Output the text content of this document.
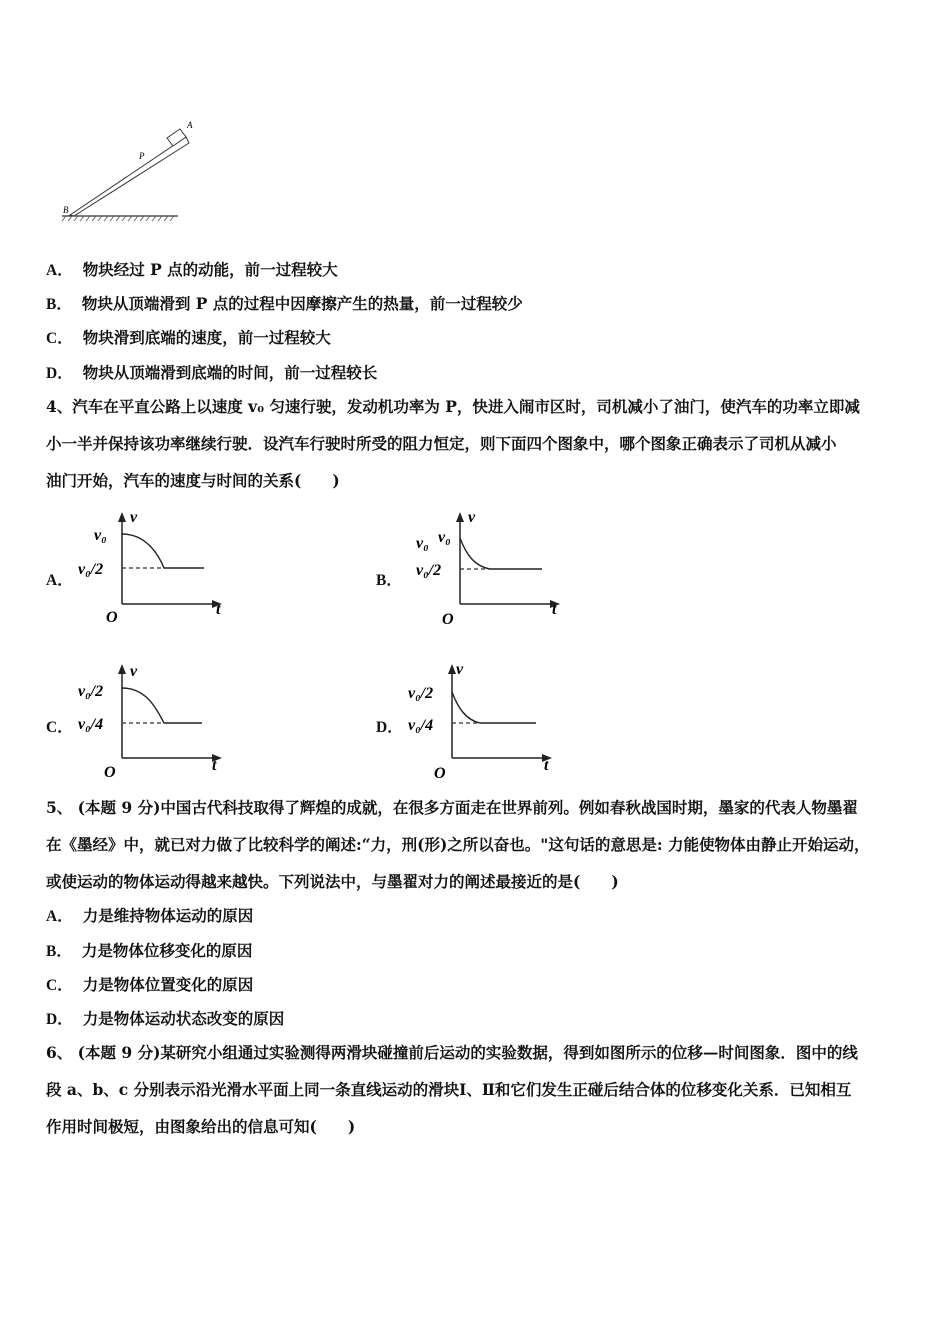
A
P
B
A． 物块经过 P 点的动能，前一过程较大
B． 物块从顶端滑到 P 点的过程中因摩擦产生的热量，前一过程较少
C． 物块滑到底端的速度，前一过程较大
D． 物块从顶端滑到底端的时间，前一过程较长
4、汽车在平直公路上以速度 v₀ 匀速行驶，发动机功率为 P，快进入闹市区时，司机减小了油门，使汽车的功率立即减
小一半并保持该功率继续行驶．设汽车行驶时所受的阻力恒定，则下面四个图象中，哪个图象正确表示了司机从减小
油门开始，汽车的速度与时间的关系(　　)
A．
v
v₀
v₀/2
O	t
B．
v
v₀
v₀
v₀/2
O
t
C．
v
v₀/2
v₀/4
O	t
D．
v
v₀/2
v₀/4
O	t
5、 (本题 9 分)中国古代科技取得了辉煌的成就，在很多方面走在世界前列。例如春秋战国时期，墨家的代表人物墨翟
在《墨经》中，就已对力做了比较科学的阐述:“力，刑(形)之所以奋也。"这句话的意思是: 力能使物体由静止开始运动，
或使运动的物体运动得越来越快。下列说法中，与墨翟对力的阐述最接近的是(　　)
A． 力是维持物体运动的原因
B． 力是物体位移变化的原因
C． 力是物体位置变化的原因
D． 力是物体运动状态改变的原因
6、 (本题 9 分)某研究小组通过实验测得两滑块碰撞前后运动的实验数据，得到如图所示的位移—时间图象．图中的线
段 a、b、c 分别表示沿光滑水平面上同一条直线运动的滑块Ⅰ、Ⅱ和它们发生正碰后结合体的位移变化关系．已知相互
作用时间极短，由图象给出的信息可知(　　)
